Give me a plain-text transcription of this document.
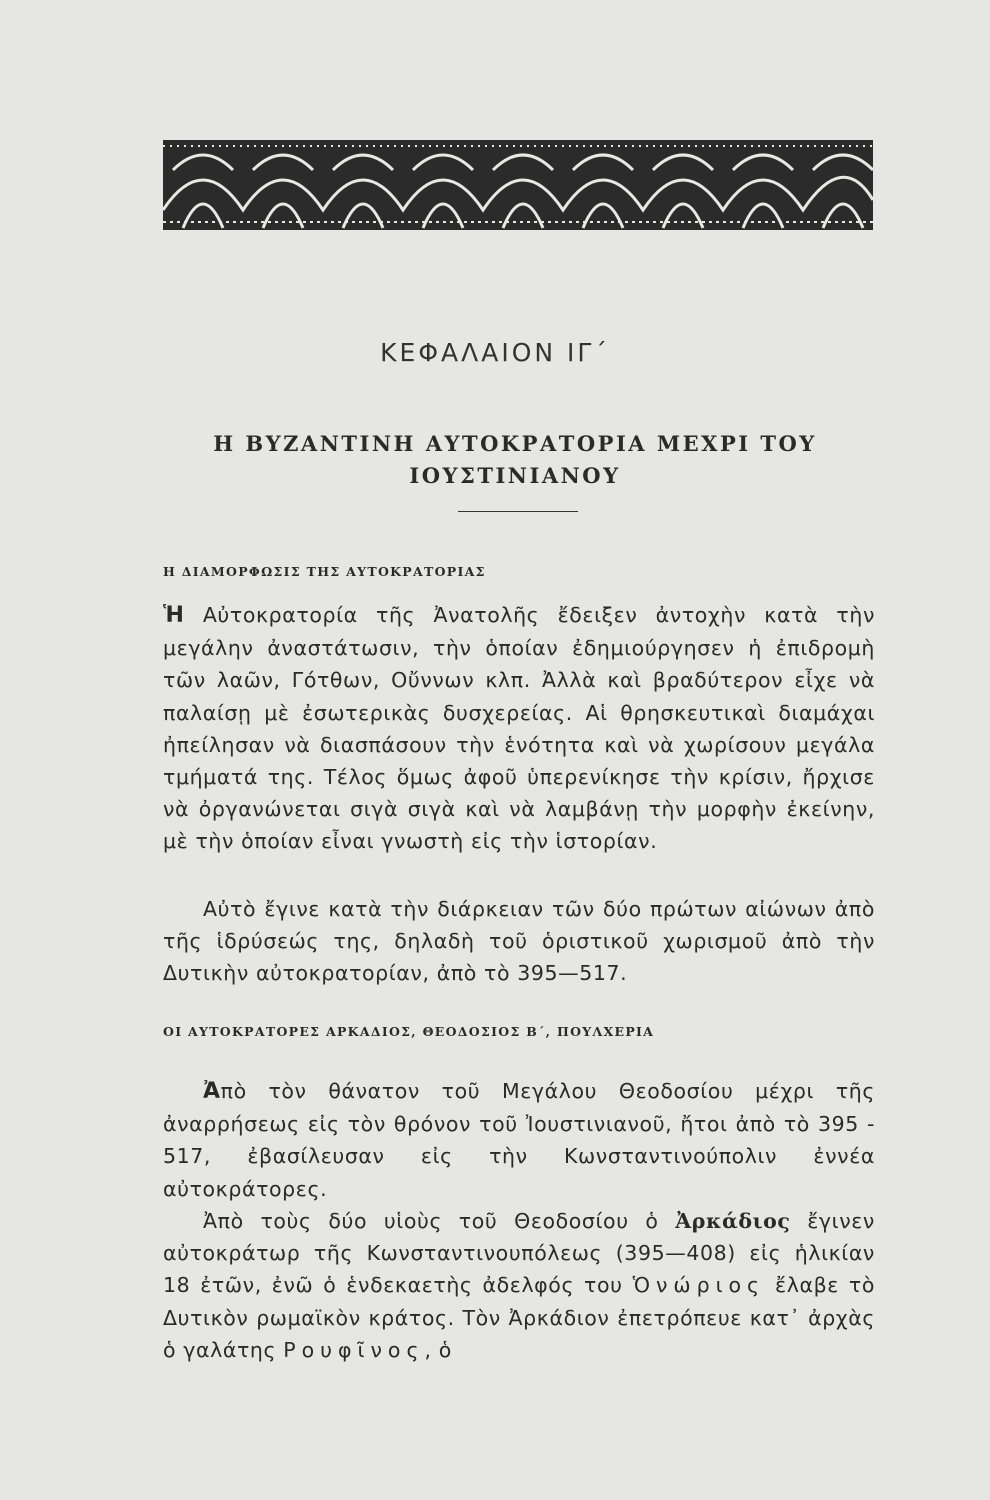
ΚΕΦΑΛΑΙΟΝ ΙΓ΄
Η ΒΥΖΑΝΤΙΝΗ ΑΥΤΟΚΡΑΤΟΡΙΑ ΜΕΧΡΙ ΤΟΥ
ΙΟΥΣΤΙΝΙΑΝΟΥ
Η ΔΙΑΜΟΡΦΩΣΙΣ ΤΗΣ ΑΥΤΟΚΡΑΤΟΡΙΑΣ

Ἡ Αὐτοκρατορία τῆς Ἀνατολῆς ἔδειξεν ἀντοχὴν κατὰ τὴν μεγάλην ἀναστάτωσιν, τὴν ὁποίαν ἐδημιούργησεν ἡ ἐπιδρομὴ τῶν λαῶν, Γότθων, Οὔννων κλπ. Ἀλλὰ καὶ βραδύτερον εἶχε νὰ παλαίσῃ μὲ ἐσωτερικὰς δυσχερείας. Αἱ θρησκευτικαὶ διαμάχαι ἠπείλησαν νὰ διασπάσουν τὴν ἑνότητα καὶ νὰ χωρίσουν μεγάλα τμήματά της. Τέλος ὅμως ἀφοῦ ὑπερενίκησε τὴν κρίσιν, ἤρχισε νὰ ὀργανώνεται σιγὰ σιγὰ καὶ νὰ λαμβάνῃ τὴν μορφὴν ἐκείνην, μὲ τὴν ὁποίαν εἶναι γνωστὴ εἰς τὴν ἱστορίαν.

Αὐτὸ ἔγινε κατὰ τὴν διάρκειαν τῶν δύο πρώτων αἰώνων ἀπὸ τῆς ἱδρύσεώς της, δηλαδὴ τοῦ ὁριστικοῦ χωρισμοῦ ἀπὸ τὴν Δυτικὴν αὐτοκρατορίαν, ἀπὸ τὸ 395—517.

ΟΙ ΑΥΤΟΚΡΑΤΟΡΕΣ ΑΡΚΑΔΙΟΣ, ΘΕΟΔΟΣΙΟΣ Β΄, ΠΟΥΛΧΕΡΙΑ

Ἀπὸ τὸν θάνατον τοῦ Μεγάλου Θεοδοσίου μέχρι τῆς ἀναρρήσεως εἰς τὸν θρόνον τοῦ Ἰουστινιανοῦ, ἤτοι ἀπὸ τὸ 395 - 517, ἐβασίλευσαν εἰς τὴν Κωνσταντινούπολιν ἐννέα αὐτοκράτορες.

Ἀπὸ τοὺς δύο υἱοὺς τοῦ Θεοδοσίου ὁ Ἀρκάδιος ἔγινεν αὐτοκράτωρ τῆς Κωνσταντινουπόλεως (395—408) εἰς ἡλικίαν 18 ἐτῶν, ἐνῶ ὁ ἑνδεκαετὴς ἀδελφός του Ὁνώριος ἔλαβε τὸ Δυτικὸν ρωμαϊκὸν κράτος. Τὸν Ἀρκάδιον ἐπετρόπευε κατ᾽ ἀρχὰς ὁ γαλάτης Ρουφῖνος, ὁ
